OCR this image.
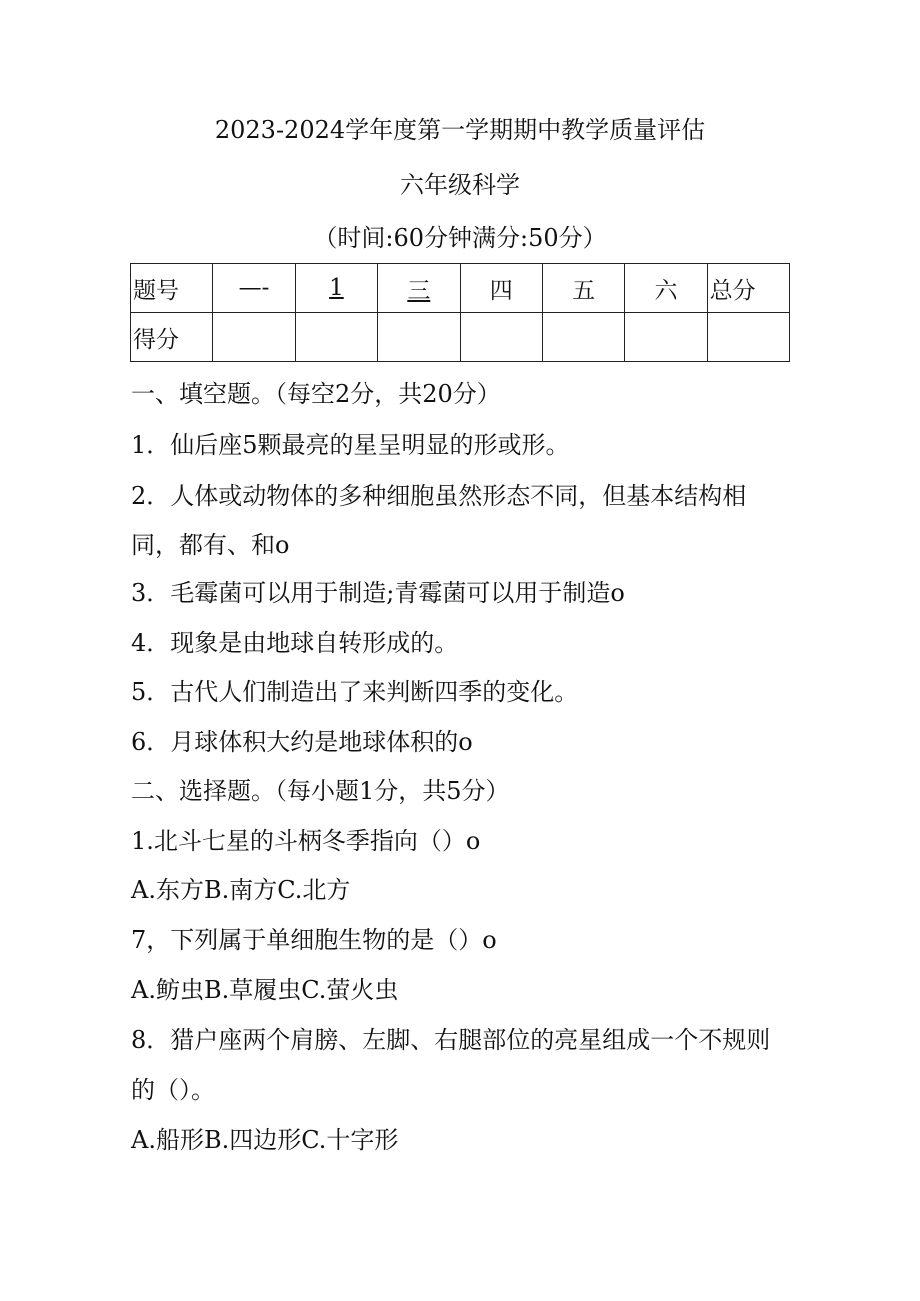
2023-2024学年度第一学期期中教学质量评估
六年级科学
（时间:60分钟满分:50分）
题号	—-	1	三	四	五	六	总分
得分							
一、填空题。（每空2分，共20分）
1．仙后座5颗最亮的星呈明显的形或形。
2．人体或动物体的多种细胞虽然形态不同，但基本结构相
同，都有、和o
3．毛霉菌可以用于制造;青霉菌可以用于制造o
4．现象是由地球自转形成的。
5．古代人们制造出了来判断四季的变化。
6．月球体积大约是地球体积的o
二、选择题。（每小题1分，共5分）
1.北斗七星的斗柄冬季指向（）o
A.东方B.南方C.北方
7，下列属于单细胞生物的是（）o
A.鲂虫B.草履虫C.萤火虫
8．猎户座两个肩膀、左脚、右腿部位的亮星组成一个不规则
的（）。
A.船形B.四边形C.十字形
